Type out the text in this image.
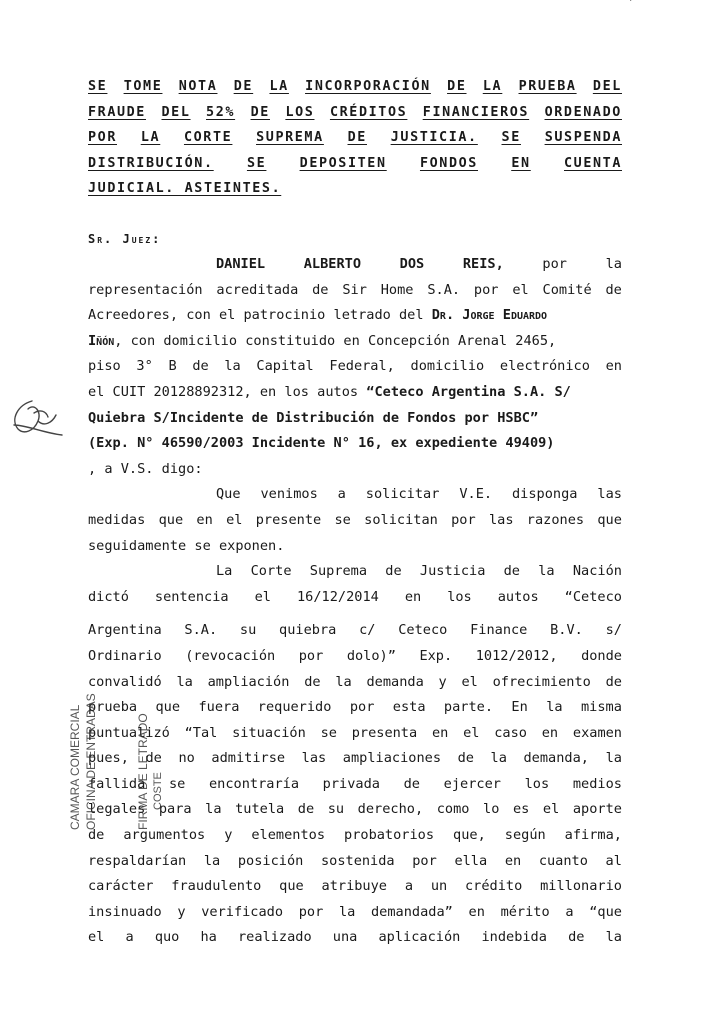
˙
SE TOME NOTA DE LA INCORPORACIÓN DE LA PRUEBA DEL
FRAUDE DEL 52% DE LOS CRÉDITOS FINANCIEROS ORDENADO
POR LA CORTE SUPREMA DE JUSTICIA. SE SUSPENDA
DISTRIBUCIÓN. SE DEPOSITEN FONDOS EN CUENTA
JUDICIAL. ASTEINTES.
Sr. Juez:
DANIEL	ALBERTO	DOS	REIS,	por	la
representación acreditada de Sir Home S.A. por el Comité de
Acreedores, con el patrocinio letrado del Dr. Jorge Eduardo
Iñón , con domicilio constituido en Concepción Arenal 2465,
piso 3° B de la Capital Federal, domicilio electrónico en
el CUIT 20128892312, en los autos “Ceteco Argentina S.A. S/
Quiebra S/Incidente de Distribución de Fondos por HSBC”
(Exp. N° 46590/2003 Incidente N° 16, ex expediente 49409)
, a V.S. digo:
Que venimos a solicitar V.E. disponga las
medidas que en el presente se solicitan por las razones que
seguidamente se exponen.
La Corte Suprema de Justicia de la Nación
dictó sentencia el 16/12/2014 en los autos “Ceteco
Argentina S.A. su quiebra c/ Ceteco Finance B.V. s/
Ordinario (revocación por dolo)” Exp. 1012/2012, donde
convalidó la ampliación de la demanda y el ofrecimiento de
prueba que fuera requerido por esta parte. En la misma
puntualizó “Tal situación se presenta en el caso en examen
pues, de no admitirse las ampliaciones de la demanda, la
fallida se encontraría privada de ejercer los medios
legales para la tutela de su derecho, como lo es el aporte
de argumentos y elementos probatorios que, según afirma,
respaldarían la posición sostenida por ella en cuanto al
carácter fraudulento que atribuye a un crédito millonario
insinuado y verificado por la demandada” en mérito a “que
el a quo ha realizado una aplicación indebida de la
CAMARA COMERCIAL OFICINA DE ENTRADAS	FIRMA DE LETRADO COSTE
